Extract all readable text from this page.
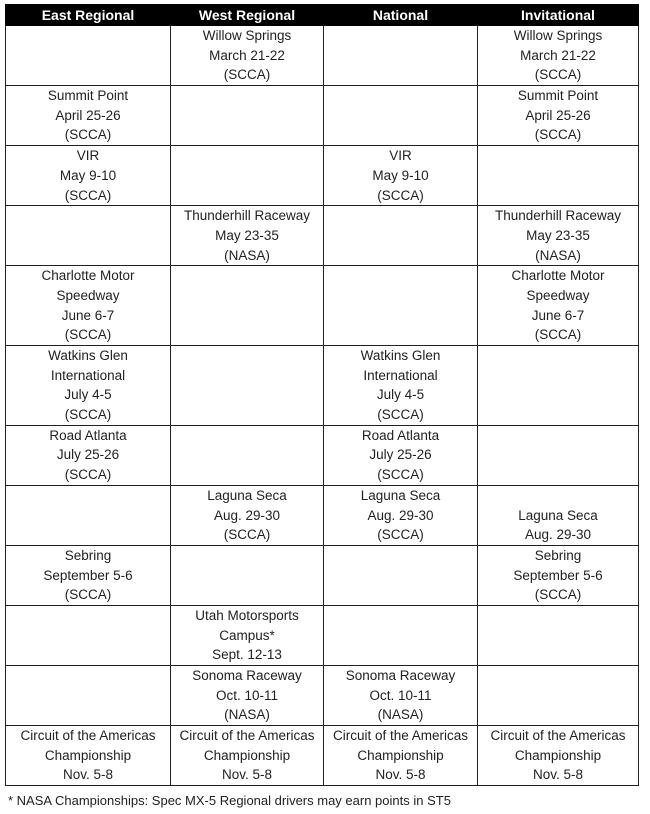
East Regional	West Regional	National	Invitational

	Willow Springs
March 21-22
(SCCA)		Willow Springs
March 21-22
(SCCA)

Summit Point
April 25-26
(SCCA)			Summit Point
April 25-26
(SCCA)

VIR
May 9-10
(SCCA)		VIR
May 9-10
(SCCA)	

	Thunderhill Raceway
May 23-35
(NASA)		Thunderhill Raceway
May 23-35
(NASA)

Charlotte Motor
Speedway
June 6-7
(SCCA)			Charlotte Motor
Speedway
June 6-7
(SCCA)

Watkins Glen
International
July 4-5
(SCCA)		Watkins Glen
International
July 4-5
(SCCA)	

Road Atlanta
July 25-26
(SCCA)		Road Atlanta
July 25-26
(SCCA)	

	Laguna Seca
Aug. 29-30
(SCCA)	Laguna Seca
Aug. 29-30
(SCCA)	Laguna Seca
Aug. 29-30

Sebring
September 5-6
(SCCA)			Sebring
September 5-6
(SCCA)

	Utah Motorsports
Campus*
Sept. 12-13		

	Sonoma Raceway
Oct. 10-11
(NASA)	Sonoma Raceway
Oct. 10-11
(NASA)	

Circuit of the Americas
Championship
Nov. 5-8	Circuit of the Americas
Championship
Nov. 5-8	Circuit of the Americas
Championship
Nov. 5-8	Circuit of the Americas
Championship
Nov. 5-8
* NASA Championships: Spec MX-5 Regional drivers may earn points in ST5
